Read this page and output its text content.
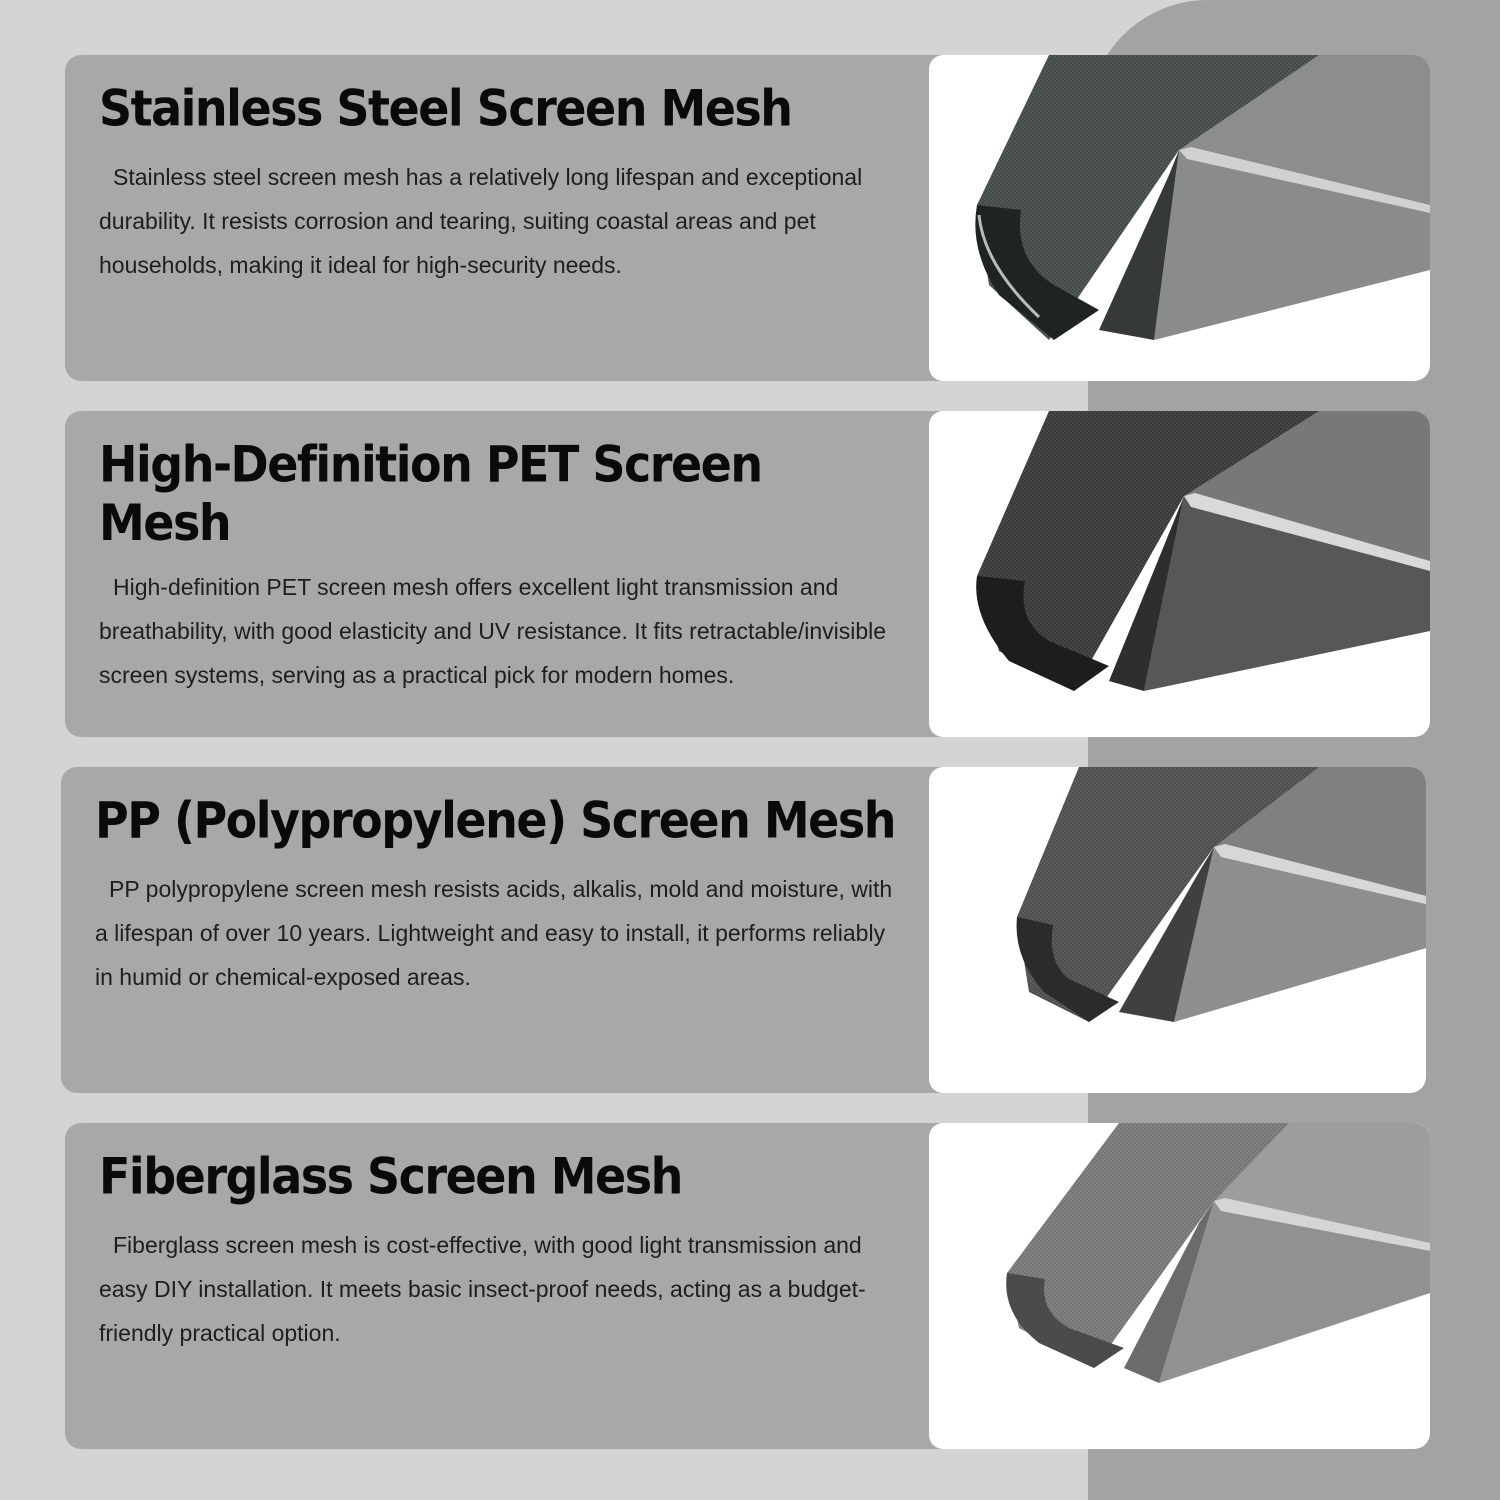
Stainless Steel Screen Mesh

Stainless steel screen mesh has a relatively long lifespan and exceptional durability. It resists corrosion and tearing, suiting coastal areas and pet households, making it ideal for high-security needs.

High-Definition PET Screen Mesh

High-definition PET screen mesh offers excellent light transmission and breathability, with good elasticity and UV resistance. It fits retractable/invisible screen systems, serving as a practical pick for modern homes.

PP (Polypropylene) Screen Mesh

PP polypropylene screen mesh resists acids, alkalis, mold and moisture, with a lifespan of over 10 years. Lightweight and easy to install, it performs reliably in humid or chemical-exposed areas.

Fiberglass Screen Mesh

Fiberglass screen mesh is cost-effective, with good light transmission and easy DIY installation. It meets basic insect-proof needs, acting as a budget-friendly practical option.
